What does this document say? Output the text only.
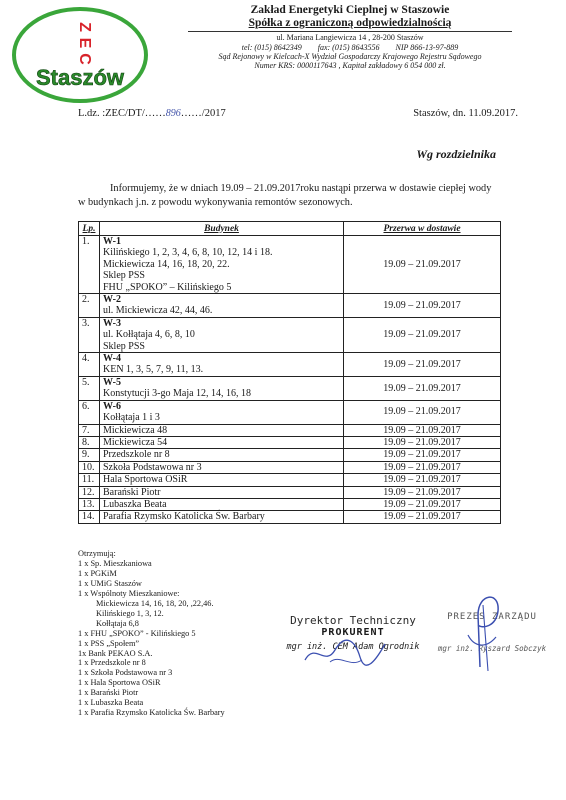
Z
E
C
Staszów
Zakład Energetyki Cieplnej w Staszowie
Spółka z ograniczoną odpowiedzialnością
ul. Mariana Langiewicza 14 , 28-200 Staszów
tel: (015) 8642349        fax: (015) 8643556        NIP 866-13-97-889
Sąd Rejonowy w Kielcach-X Wydział Gospodarczy Krajowego Rejestru Sądowego
Numer KRS: 0000117643 , Kapitał zakładowy 6 054 000 zł.
L.dz. :ZEC/DT/……896……/2017	Staszów, dn. 11.09.2017.
Wg rozdzielnika
Informujemy, że w dniach 19.09 – 21.09.2017roku nastąpi przerwa w dostawie ciepłej wody w budynkach j.n. z powodu wykonywania remontów sezonowych.
Lp.	Budynek	Przerwa w dostawie
1.	W-1
Kilińskiego 1, 2, 3, 4, 6, 8, 10, 12, 14 i 18.
Mickiewicza 14, 16, 18, 20, 22.
Sklep PSS
FHU „SPOKO” – Kilińskiego 5	19.09 – 21.09.2017
2.	W-2
ul. Mickiewicza 42, 44, 46.	19.09 – 21.09.2017
3.	W-3
ul. Kołłątaja 4, 6, 8, 10
Sklep PSS	19.09 – 21.09.2017
4.	W-4
KEN 1, 3, 5, 7, 9, 11, 13.	19.09 – 21.09.2017
5.	W-5
Konstytucji 3-go Maja 12, 14, 16, 18	19.09 – 21.09.2017
6.	W-6
Kołłątaja 1 i 3	19.09 – 21.09.2017
7.	Mickiewicza 48	19.09 – 21.09.2017
8.	Mickiewicza 54	19.09 – 21.09.2017
9.	Przedszkole nr 8	19.09 – 21.09.2017
10.	Szkoła Podstawowa nr 3	19.09 – 21.09.2017
11.	Hala Sportowa OSiR	19.09 – 21.09.2017
12.	Barański Piotr	19.09 – 21.09.2017
13.	Lubaszka Beata	19.09 – 21.09.2017
14.	Parafia Rzymsko Katolicka Św. Barbary	19.09 – 21.09.2017
Otrzymują:
1 x Sp. Mieszkaniowa
1 x PGKiM
1 x UMiG Staszów
1 x Wspólnoty Mieszkaniowe:
Mickiewicza 14, 16, 18, 20, ,22,46.
Kilińskiego 1, 3, 12.
Kołłątaja 6,8
1 x FHU „SPOKO” - Kilińskiego 5
1 x PSS „Społem”
1x Bank PEKAO S.A.
1 x Przedszkole nr 8
1 x Szkoła Podstawowa nr 3
1 x Hala Sportowa OSiR
1 x Barański Piotr
1 x Lubaszka Beata
1 x Parafia Rzymsko Katolicka Św. Barbary
Dyrektor Techniczny
PROKURENT
mgr inż. CEM Adam Ogrodnik
PREZES ZARZĄDU
mgr inż. Ryszard Sobczyk
